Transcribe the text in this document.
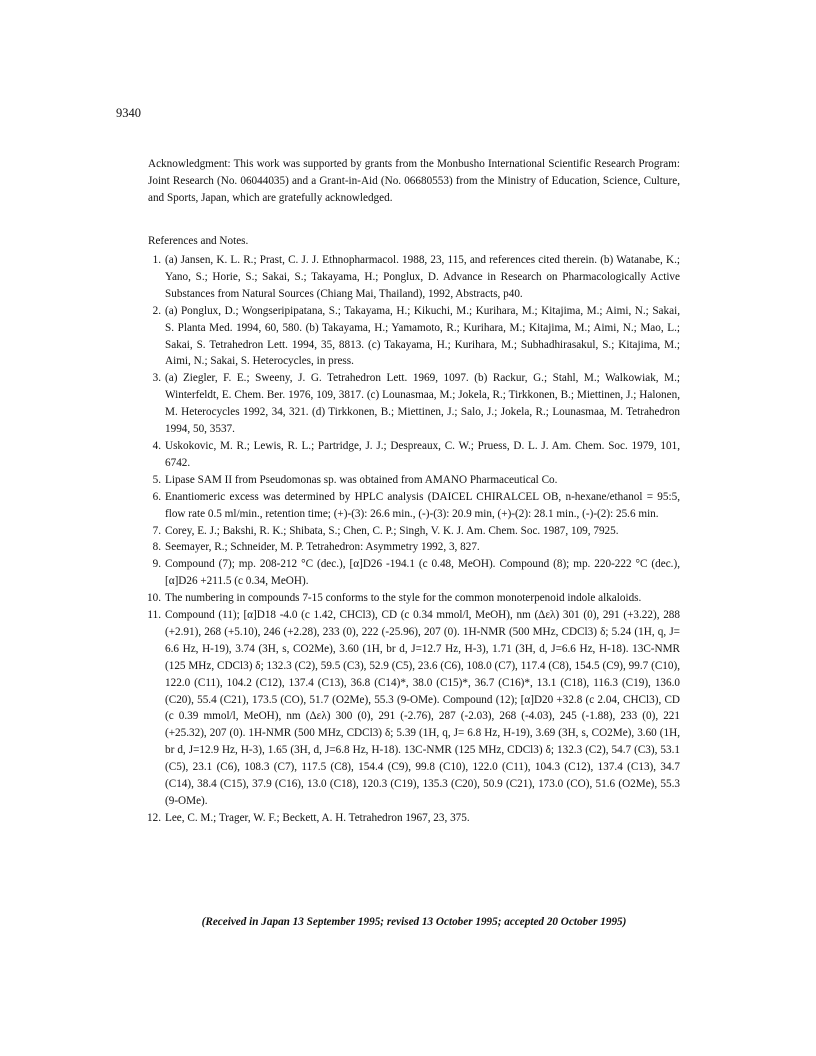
9340

Acknowledgment: This work was supported by grants from the Monbusho International Scientific Research Program: Joint Research (No. 06044035) and a Grant-in-Aid (No. 06680553) from the Ministry of Education, Science, Culture, and Sports, Japan, which are gratefully acknowledged.

References and Notes.
1. (a) Jansen, K. L. R.; Prast, C. J. J. Ethnopharmacol. 1988, 23, 115, and references cited therein. (b) Watanabe, K.; Yano, S.; Horie, S.; Sakai, S.; Takayama, H.; Ponglux, D. Advance in Research on Pharmacologically Active Substances from Natural Sources (Chiang Mai, Thailand), 1992, Abstracts, p40.
2. (a) Ponglux, D.; Wongseripipatana, S.; Takayama, H.; Kikuchi, M.; Kurihara, M.; Kitajima, M.; Aimi, N.; Sakai, S. Planta Med. 1994, 60, 580. (b) Takayama, H.; Yamamoto, R.; Kurihara, M.; Kitajima, M.; Aimi, N.; Mao, L.; Sakai, S. Tetrahedron Lett. 1994, 35, 8813. (c) Takayama, H.; Kurihara, M.; Subhadhirasakul, S.; Kitajima, M.; Aimi, N.; Sakai, S. Heterocycles, in press.
3. (a) Ziegler, F. E.; Sweeny, J. G. Tetrahedron Lett. 1969, 1097. (b) Rackur, G.; Stahl, M.; Walkowiak, M.; Winterfeldt, E. Chem. Ber. 1976, 109, 3817. (c) Lounasmaa, M.; Jokela, R.; Tirkkonen, B.; Miettinen, J.; Halonen, M. Heterocycles 1992, 34, 321. (d) Tirkkonen, B.; Miettinen, J.; Salo, J.; Jokela, R.; Lounasmaa, M. Tetrahedron 1994, 50, 3537.
4. Uskokovic, M. R.; Lewis, R. L.; Partridge, J. J.; Despreaux, C. W.; Pruess, D. L. J. Am. Chem. Soc. 1979, 101, 6742.
5. Lipase SAM II from Pseudomonas sp. was obtained from AMANO Pharmaceutical Co.
6. Enantiomeric excess was determined by HPLC analysis (DAICEL CHIRALCEL OB, n-hexane/ethanol = 95:5, flow rate 0.5 ml/min., retention time; (+)-(3): 26.6 min., (-)-(3): 20.9 min, (+)-(2): 28.1 min., (-)-(2): 25.6 min.
7. Corey, E. J.; Bakshi, R. K.; Shibata, S.; Chen, C. P.; Singh, V. K. J. Am. Chem. Soc. 1987, 109, 7925.
8. Seemayer, R.; Schneider, M. P. Tetrahedron: Asymmetry 1992, 3, 827.
9. Compound (7); mp. 208-212 °C (dec.), [α]D26 -194.1 (c 0.48, MeOH). Compound (8); mp. 220-222 °C (dec.), [α]D26 +211.5 (c 0.34, MeOH).
10. The numbering in compounds 7-15 conforms to the style for the common monoterpenoid indole alkaloids.
11. Compound (11); [α]D18 -4.0 (c 1.42, CHCl3), CD (c 0.34 mmol/l, MeOH), nm (Δελ) 301 (0), 291 (+3.22), 288 (+2.91), 268 (+5.10), 246 (+2.28), 233 (0), 222 (-25.96), 207 (0). 1H-NMR (500 MHz, CDCl3) δ; 5.24 (1H, q, J= 6.6 Hz, H-19), 3.74 (3H, s, CO2Me), 3.60 (1H, br d, J=12.7 Hz, H-3), 1.71 (3H, d, J=6.6 Hz, H-18). 13C-NMR (125 MHz, CDCl3) δ; 132.3 (C2), 59.5 (C3), 52.9 (C5), 23.6 (C6), 108.0 (C7), 117.4 (C8), 154.5 (C9), 99.7 (C10), 122.0 (C11), 104.2 (C12), 137.4 (C13), 36.8 (C14)*, 38.0 (C15)*, 36.7 (C16)*, 13.1 (C18), 116.3 (C19), 136.0 (C20), 55.4 (C21), 173.5 (CO), 51.7 (O2Me), 55.3 (9-OMe). Compound (12); [α]D20 +32.8 (c 2.04, CHCl3), CD (c 0.39 mmol/l, MeOH), nm (Δελ) 300 (0), 291 (-2.76), 287 (-2.03), 268 (-4.03), 245 (-1.88), 233 (0), 221 (+25.32), 207 (0). 1H-NMR (500 MHz, CDCl3) δ; 5.39 (1H, q, J= 6.8 Hz, H-19), 3.69 (3H, s, CO2Me), 3.60 (1H, br d, J=12.9 Hz, H-3), 1.65 (3H, d, J=6.8 Hz, H-18). 13C-NMR (125 MHz, CDCl3) δ; 132.3 (C2), 54.7 (C3), 53.1 (C5), 23.1 (C6), 108.3 (C7), 117.5 (C8), 154.4 (C9), 99.8 (C10), 122.0 (C11), 104.3 (C12), 137.4 (C13), 34.7 (C14), 38.4 (C15), 37.9 (C16), 13.0 (C18), 120.3 (C19), 135.3 (C20), 50.9 (C21), 173.0 (CO), 51.6 (O2Me), 55.3 (9-OMe).
12. Lee, C. M.; Trager, W. F.; Beckett, A. H. Tetrahedron 1967, 23, 375.
(Received in Japan 13 September 1995; revised 13 October 1995; accepted 20 October 1995)
